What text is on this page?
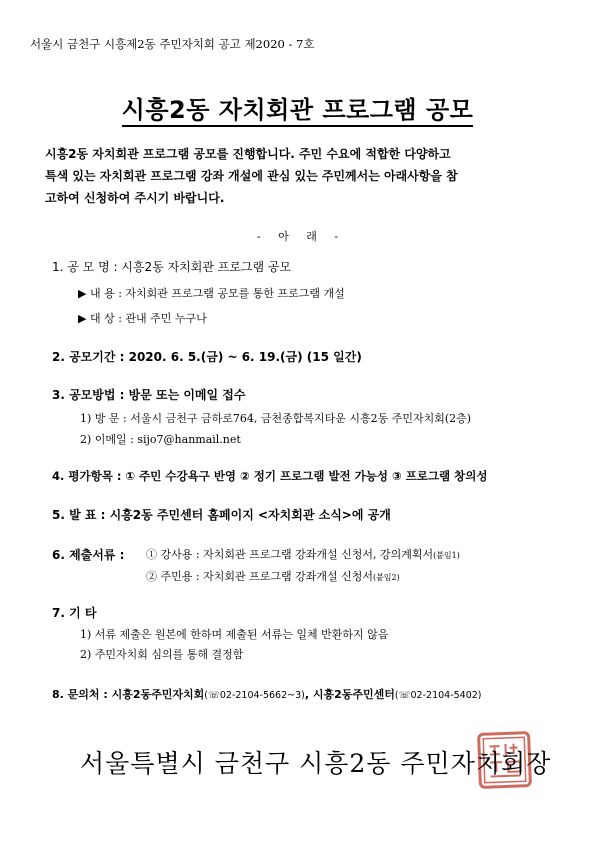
서울시 금천구 시흥제2동 주민자치회 공고 제2020 - 7호
시흥2동 자치회관 프로그램 공모
시흥2동 자치회관 프로그램 공모를 진행합니다. 주민 수요에 적합한 다양하고
특색 있는 자치회관 프로그램 강좌 개설에 관심 있는 주민께서는 아래사항을 참
고하여 신청하여 주시기 바랍니다.
- 아 래 -
1. 공 모 명 : 시흥2동 자치회관 프로그램 공모
▶ 내 용 : 자치회관 프로그램 공모를 통한 프로그램 개설
▶ 대 상 : 관내 주민 누구나
2. 공모기간 : 2020. 6. 5.(금) ~ 6. 19.(금) (15 일간)
3. 공모방법 : 방문 또는 이메일 접수
1) 방 문 : 서울시 금천구 금하로764, 금천종합복지타운 시흥2동 주민자치회(2층)
2) 이메일 : sijo7@hanmail.net
4. 평가항목 : ① 주민 수강욕구 반영 ② 정기 프로그램 발전 가능성 ③ 프로그램 창의성
5. 발 표 : 시흥2동 주민센터 홈페이지 <자치회관 소식>에 공개
6. 제출서류 : ① 강사용 : 자치회관 프로그램 강좌개설 신청서, 강의계획서(붙임1)
② 주민용 : 자치회관 프로그램 강좌개설 신청서(붙임2)
7. 기 타
1) 서류 제출은 원본에 한하며 제출된 서류는 일체 반환하지 않음
2) 주민자치회 심의를 통해 결정함
8. 문의처 : 시흥2동주민자치회(☏02-2104-5662~3), 시흥2동주민센터(☏02-2104-5402)
서울특별시 금천구 시흥2동 주민자치회장
